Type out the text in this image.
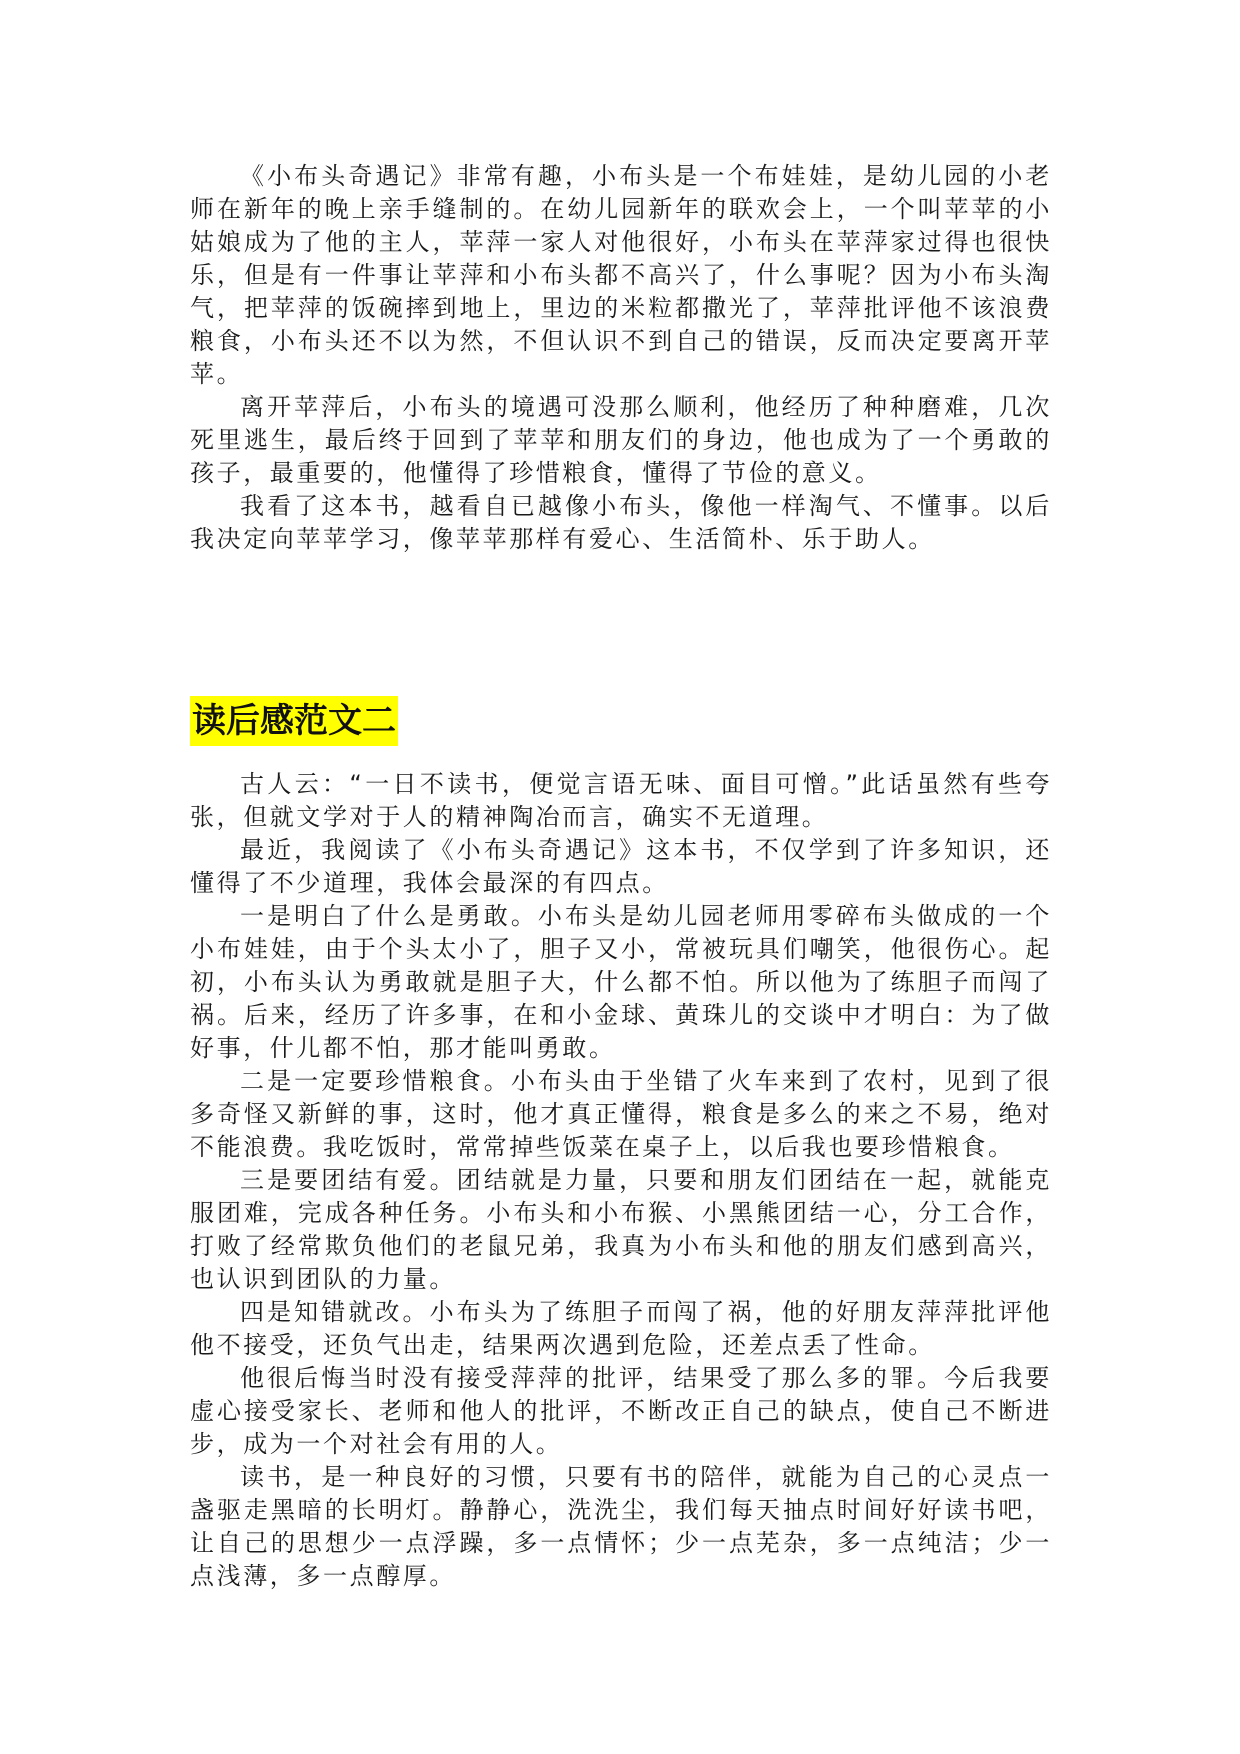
《小布头奇遇记》非常有趣，小布头是一个布娃娃，是幼儿园的小老师在新年的晚上亲手缝制的。在幼儿园新年的联欢会上，一个叫苹苹的小姑娘成为了他的主人，苹萍一家人对他很好，小布头在苹萍家过得也很快乐，但是有一件事让苹萍和小布头都不高兴了，什么事呢？因为小布头淘气，把苹萍的饭碗摔到地上，里边的米粒都撒光了，苹萍批评他不该浪费粮食，小布头还不以为然，不但认识不到自己的错误，反而决定要离开苹苹。

离开苹萍后，小布头的境遇可没那么顺利，他经历了种种磨难，几次死里逃生，最后终于回到了苹苹和朋友们的身边，他也成为了一个勇敢的孩子，最重要的，他懂得了珍惜粮食，懂得了节俭的意义。

我看了这本书，越看自已越像小布头，像他一样淘气、不懂事。以后我决定向苹苹学习，像苹苹那样有爱心、生活简朴、乐于助人。

读后感范文二

古人云：“一日不读书，便觉言语无味、面目可憎。”此话虽然有些夸张，但就文学对于人的精神陶冶而言，确实不无道理。

最近，我阅读了《小布头奇遇记》这本书，不仅学到了许多知识，还懂得了不少道理，我体会最深的有四点。

一是明白了什么是勇敢。小布头是幼儿园老师用零碎布头做成的一个小布娃娃，由于个头太小了，胆子又小，常被玩具们嘲笑，他很伤心。起初，小布头认为勇敢就是胆子大，什么都不怕。所以他为了练胆子而闯了祸。后来，经历了许多事，在和小金球、黄珠儿的交谈中才明白：为了做好事，什儿都不怕，那才能叫勇敢。

二是一定要珍惜粮食。小布头由于坐错了火车来到了农村，见到了很多奇怪又新鲜的事，这时，他才真正懂得，粮食是多么的来之不易，绝对不能浪费。我吃饭时，常常掉些饭菜在桌子上，以后我也要珍惜粮食。

三是要团结有爱。团结就是力量，只要和朋友们团结在一起，就能克服团难，完成各种任务。小布头和小布猴、小黑熊团结一心，分工合作，打败了经常欺负他们的老鼠兄弟，我真为小布头和他的朋友们感到高兴，也认识到团队的力量。

四是知错就改。小布头为了练胆子而闯了祸，他的好朋友萍萍批评他他不接受，还负气出走，结果两次遇到危险，还差点丢了性命。

他很后悔当时没有接受萍萍的批评，结果受了那么多的罪。今后我要虚心接受家长、老师和他人的批评，不断改正自己的缺点，使自己不断进步，成为一个对社会有用的人。

读书，是一种良好的习惯，只要有书的陪伴，就能为自己的心灵点一盏驱走黑暗的长明灯。静静心，洗洗尘，我们每天抽点时间好好读书吧，让自己的思想少一点浮躁，多一点情怀；少一点芜杂，多一点纯洁；少一点浅薄，多一点醇厚。
